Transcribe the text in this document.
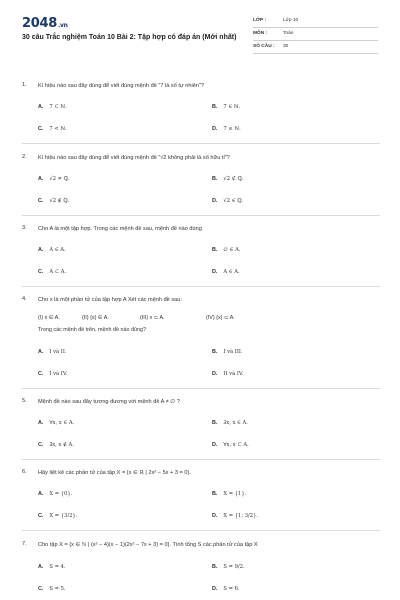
2048.vn
30 câu Trắc nghiệm Toán 10 Bài 2: Tập hợp có đáp án (Mới nhất)
LỚP :	Lớp 10
MÔN :	Toán
SỐ CÂU : 30
1. Kí hiệu nào sau đây dùng để viết đúng mệnh đề "7 là số tự nhiên"?
A. 7 ⊂ ℕ.	B. 7 ∈ ℕ.
C. 7 < ℕ.	D. 7 ≤ ℕ.
2. Kí hiệu nào sau đây dùng để viết đúng mệnh đề "√2 không phải là số hữu tỉ"?
A. √2 ≠ ℚ.	B. √2 ⊄ ℚ.
C. √2 ∉ ℚ.	D. √2 ∈ ℚ.
3. Cho A là một tập hợp. Trong các mệnh đề sau, mệnh đề nào đúng
A. A ∈ A.	B. ∅ ∈ A.
C. A ⊂ A.	D. A ∈ A.
4. Cho x là một phần tử của tập hợp A Xét các mệnh đề sau:
(I) x ∈ A.	(II) {x} ∈ A.	(III) x ⊂ A.	(IV) {x} ⊂ A.
Trong các mệnh đề trên, mệnh đề nào đúng?
A. I và II.	B. I và III.
C. I và IV.	D. II và IV.
5. Mệnh đề nào sau đây tương đương với mệnh đề A ≠ ∅ ?
A. ∀x, x ∈ A.	B. ∃x, x ∈ A.
C. ∃x, x ∉ A.	D. ∀x, x ⊂ A.
6. Hãy liệt kê các phần tử của tập X = {x ∈ ℝ | 2x² − 5x + 3 = 0}.
A. X = {0}.	B. X = {1}.
C. X = {3/2}.	D. X = {1; 3/2}.
7. Cho tập X = {x ∈ ℕ | (x² − 4)(x − 1)(2x² − 7x + 3) = 0}. Tính tổng S các phần tử của tập X
A. S = 4.	B. S = 9/2.
C. S = 5.	D. S = 6.
